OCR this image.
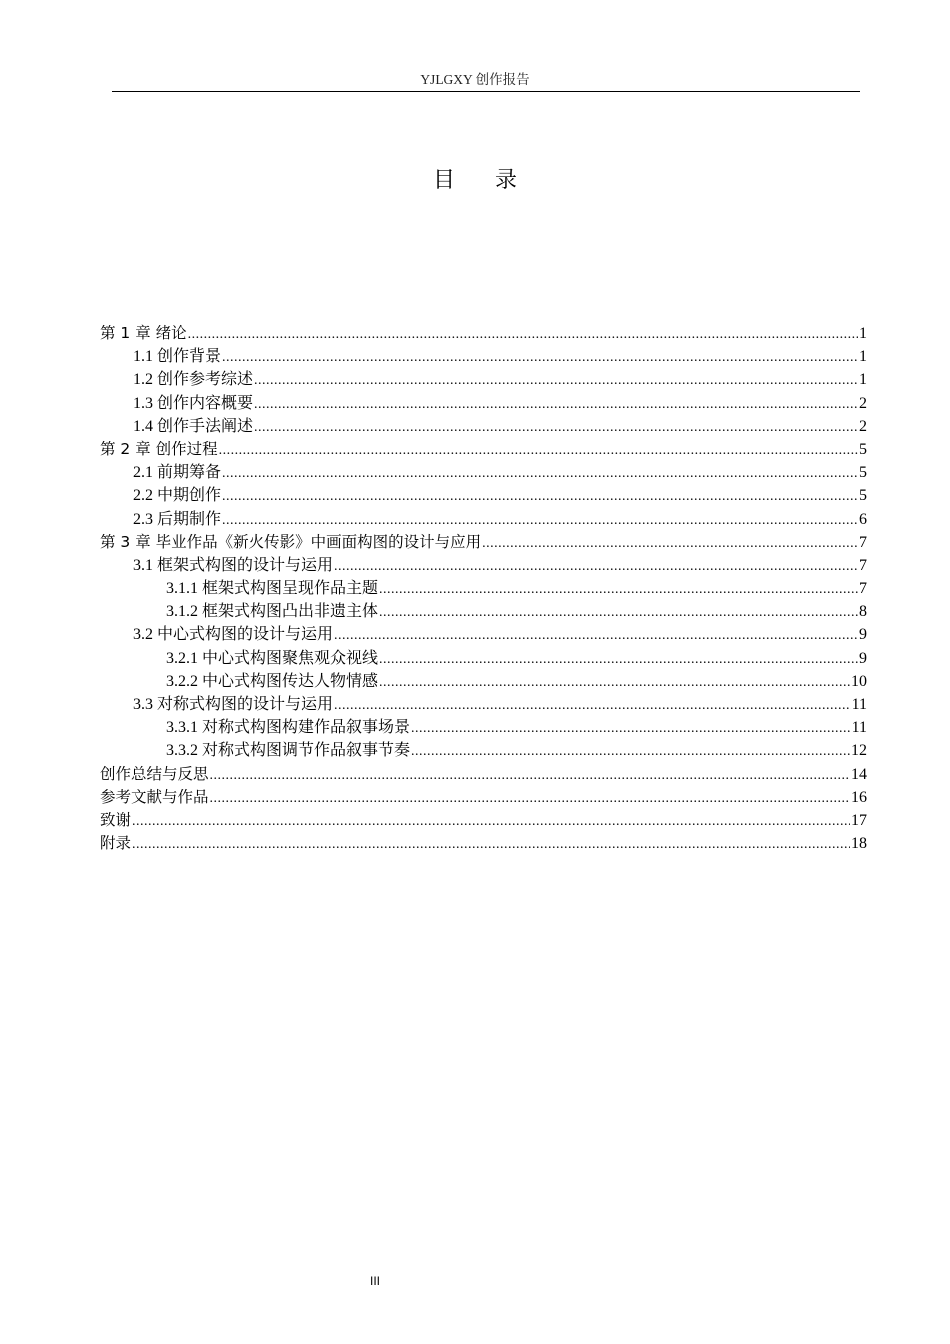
YJLGXY 创作报告
目录
第 1 章 绪论 .....	1
1.1 创作背景 .....	1
1.2 创作参考综述 .....	1
1.3 创作内容概要 .....	2
1.4 创作手法阐述 .....	2
第 2 章 创作过程 .....	5
2.1 前期筹备 .....	5
2.2 中期创作 .....	5
2.3 后期制作 .....	6
第 3 章 毕业作品《新火传影》中画面构图的设计与应用 .....	7
3.1 框架式构图的设计与运用 .....	7
3.1.1 框架式构图呈现作品主题 .....	7
3.1.2 框架式构图凸出非遗主体 .....	8
3.2 中心式构图的设计与运用 .....	9
3.2.1 中心式构图聚焦观众视线 .....	9
3.2.2 中心式构图传达人物情感 .....	10
3.3 对称式构图的设计与运用 .....	11
3.3.1 对称式构图构建作品叙事场景 .....	11
3.3.2 对称式构图调节作品叙事节奏 .....	12
创作总结与反思 .....	14
参考文献与作品 .....	16
致谢 .....	17
附录 .....	18
III
